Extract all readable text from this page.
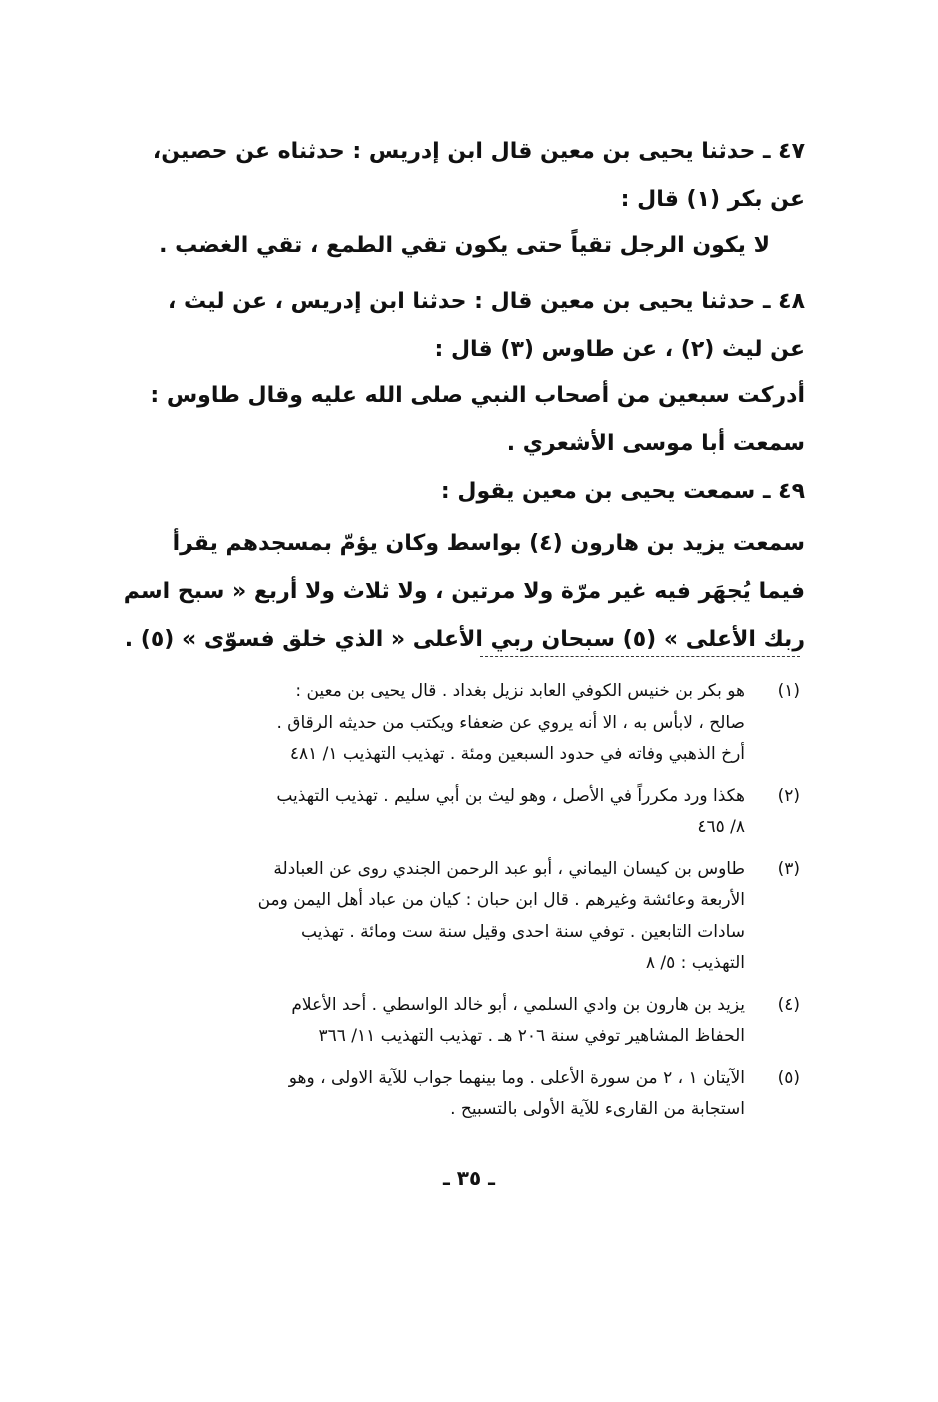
٤٧ ـ حدثنا يحيى بن معين قال ابن إدريس : حدثناه عن حصين،
عن بكر (١) قال :
لا يكون الرجل تقياً حتى يكون تقي الطمع ، تقي الغضب .
٤٨ ـ حدثنا يحيى بن معين قال : حدثنا ابن إدريس ، عن ليث ،
عن ليث (٢) ، عن طاوس (٣) قال :
أدركت سبعين من أصحاب النبي صلى الله عليه وقال طاوس :
سمعت أبا موسى الأشعري .
٤٩ ـ سمعت يحيى بن معين يقول :
سمعت يزيد بن هارون (٤) بواسط وكان يؤمّ بمسجدهم يقرأ
فيما يُجهَر فيه غير مرّة ولا مرتين ، ولا ثلاث ولا أربع « سبح اسم
ربك الأعلى » (٥) سبحان ربي الأعلى « الذي خلق فسوّى » (٥) .
(١)
هو بكر بن خنيس الكوفي العابد نزيل بغداد . قال يحيى بن معين :
صالح ، لابأس به ، الا أنه يروي عن ضعفاء ويكتب من حديثه الرقاق .
أرخ الذهبي وفاته في حدود السبعين ومئة . تهذيب التهذيب ١/ ٤٨١
(٢)
هكذا ورد مكرراً في الأصل ، وهو ليث بن أبي سليم . تهذيب التهذيب
٨/ ٤٦٥
(٣)
طاوس بن كيسان اليماني ، أبو عبد الرحمن الجندي روى عن العبادلة
الأربعة وعائشة وغيرهم . قال ابن حبان : كيان من عباد أهل اليمن ومن
سادات التابعين . توفي سنة احدى وقيل سنة ست ومائة . تهذيب
التهذيب : ٥/ ٨
(٤)
يزيد بن هارون بن وادي السلمي ، أبو خالد الواسطي . أحد الأعلام
الحفاظ المشاهير توفي سنة ٢٠٦ هـ . تهذيب التهذيب ١١/ ٣٦٦
(٥)
الآيتان ١ ، ٢ من سورة الأعلى . وما بينهما جواب للآية الاولى ، وهو
استجابة من القارىء للآية الأولى بالتسبيح .
ـ ٣٥ ـ
